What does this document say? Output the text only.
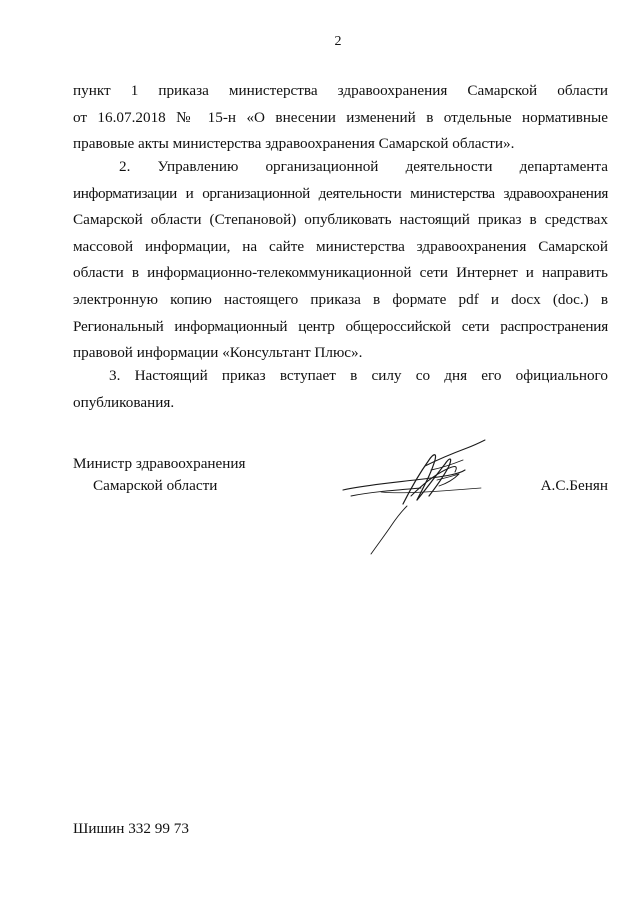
2
пункт 1 приказа министерства здравоохранения Самарской области
от 16.07.2018 № 15-н «О внесении изменений в отдельные нормативные
правовые акты министерства здравоохранения Самарской области».
2. Управлению организационной деятельности департамента
информатизации и организационной деятельности министерства здравоохранения
Самарской области (Степановой) опубликовать настоящий приказ в средствах
массовой информации, на сайте министерства здравоохранения Самарской
области в информационно-телекоммуникационной сети Интернет и направить
электронную копию настоящего приказа в формате pdf и docx (doc.) в
Региональный информационный центр общероссийской сети распространения
правовой информации «Консультант Плюс».
3. Настоящий приказ вступает в силу со дня его официального
опубликования.
Министр здравоохранения
Самарской области	А.С.Бенян
Шишин 332 99 73
